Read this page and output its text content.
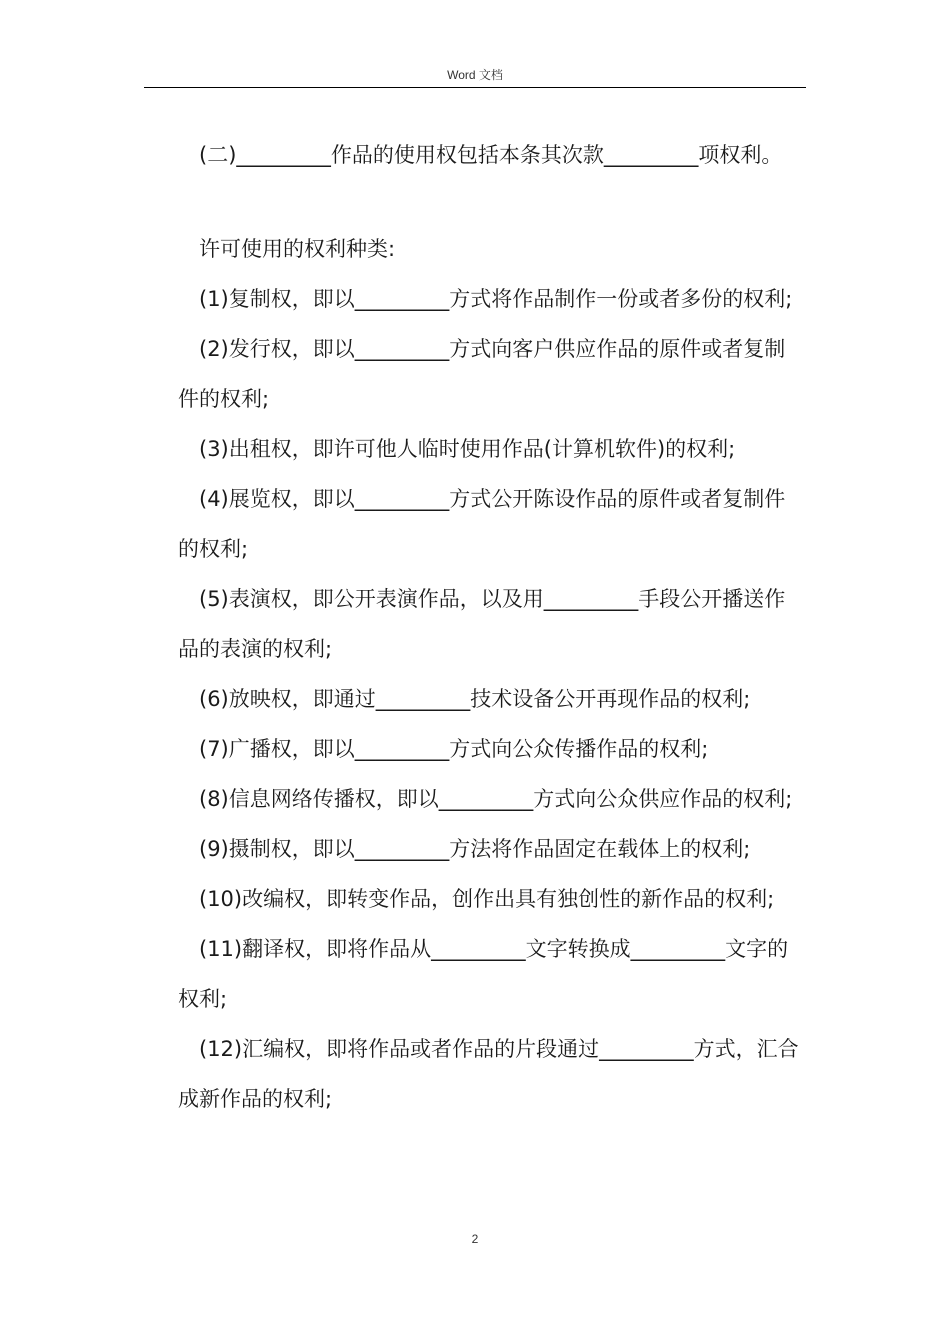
Word 文档

(二)_________作品的使用权包括本条其次款_________项权利。

许可使用的权利种类:

(1)复制权，即以_________方式将作品制作一份或者多份的权利;

(2)发行权，即以_________方式向客户供应作品的原件或者复制件的权利;

(3)出租权，即许可他人临时使用作品(计算机软件)的权利;

(4)展览权，即以_________方式公开陈设作品的原件或者复制件的权利;

(5)表演权，即公开表演作品，以及用_________手段公开播送作品的表演的权利;

(6)放映权，即通过_________技术设备公开再现作品的权利;

(7)广播权，即以_________方式向公众传播作品的权利;

(8)信息网络传播权，即以_________方式向公众供应作品的权利;

(9)摄制权，即以_________方法将作品固定在载体上的权利;

(10)改编权，即转变作品，创作出具有独创性的新作品的权利;

(11)翻译权，即将作品从_________文字转换成_________文字的权利;

(12)汇编权，即将作品或者作品的片段通过_________方式，汇合成新作品的权利;

2
